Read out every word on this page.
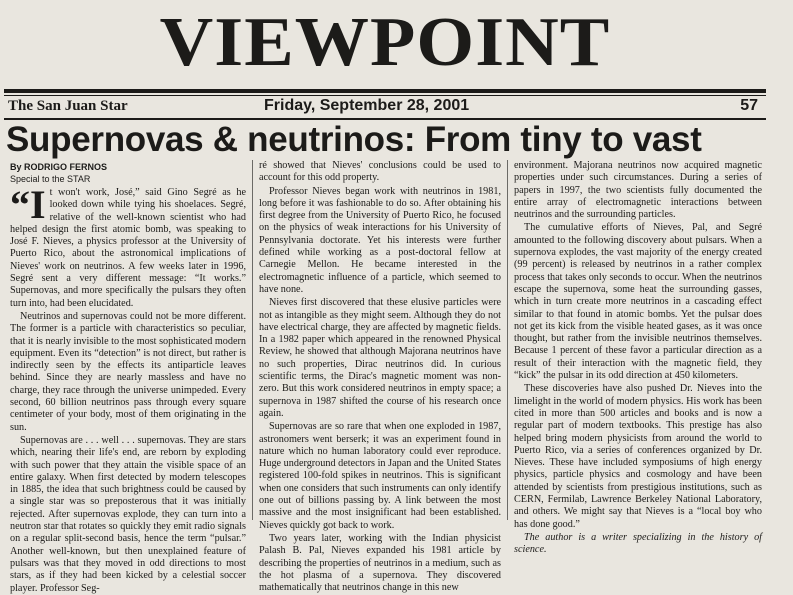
VIEWPOINT
The San Juan Star	Friday, September 28, 2001	57
Supernovas & neutrinos: From tiny to vast
By RODRIGO FERNOS
Special to the STAR

“It won't work, José,” said Gino Segré as he looked down while tying his shoelaces. Segré, relative of the well-known scientist who had helped design the first atomic bomb, was speaking to José F. Nieves, a physics professor at the University of Puerto Rico, about the astronomical implications of Nieves' work on neutrinos. A few weeks later in 1996, Segré sent a very different message: “It works.” Supernovas, and more specifically the pulsars they often turn into, had been elucidated.

Neutrinos and supernovas could not be more different. The former is a particle with characteristics so peculiar, that it is nearly invisible to the most sophisticated modern equipment. Even its “detection” is not direct, but rather is indirectly seen by the effects its antiparticle leaves behind. Since they are nearly massless and have no charge, they race through the universe unimpeded. Every second, 60 billion neutrinos pass through every square centimeter of your body, most of them originating in the sun.

Supernovas are . . . well . . . supernovas. They are stars which, nearing their life's end, are reborn by exploding with such power that they attain the visible space of an entire galaxy. When first detected by modern telescopes in 1885, the idea that such brightness could be caused by a single star was so preposterous that it was initially rejected. After supernovas explode, they can turn into a neutron star that rotates so quickly they emit radio signals on a regular split-second basis, hence the term “pulsar.” Another well-known, but then unexplained feature of pulsars was that they moved in odd directions to most stars, as if they had been kicked by a celestial soccer player. Professor Seg-

ré showed that Nieves' conclusions could be used to account for this odd property.

Professor Nieves began work with neutrinos in 1981, long before it was fashionable to do so. After obtaining his first degree from the University of Puerto Rico, he focused on the physics of weak interactions for his University of Pennsylvania doctorate. Yet his interests were further defined while working as a post-doctoral fellow at Carnegie Mellon. He became interested in the electromagnetic influence of a particle, which seemed to have none.

Nieves first discovered that these elusive particles were not as intangible as they might seem. Although they do not have electrical charge, they are affected by magnetic fields. In a 1982 paper which appeared in the renowned Physical Review, he showed that although Majorana neutrinos have no such properties, Dirac neutrinos did. In curious scientific terms, the Dirac's magnetic moment was non-zero. But this work considered neutrinos in empty space; a supernova in 1987 shifted the course of his research once again.

Supernovas are so rare that when one exploded in 1987, astronomers went berserk; it was an experiment found in nature which no human laboratory could ever reproduce. Huge underground detectors in Japan and the United States registered 100-fold spikes in neutrinos. This is significant when one considers that such instruments can only identify one out of billions passing by. A link between the most massive and the most insignificant had been established. Nieves quickly got back to work.

Two years later, working with the Indian physicist Palash B. Pal, Nieves expanded his 1981 article by describing the properties of neutrinos in a medium, such as the hot plasma of a supernova. They discovered mathematically that neutrinos change in this new

environment. Majorana neutrinos now acquired magnetic properties under such circumstances. During a series of papers in 1997, the two scientists fully documented the entire array of electromagnetic interactions between neutrinos and the surrounding particles.

The cumulative efforts of Nieves, Pal, and Segré amounted to the following discovery about pulsars. When a supernova explodes, the vast majority of the energy created (99 percent) is released by neutrinos in a rather complex process that takes only seconds to occur. When the neutrinos escape the supernova, some heat the surrounding gasses, which in turn create more neutrinos in a cascading effect similar to that found in atomic bombs. Yet the pulsar does not get its kick from the visible heated gases, as it was once thought, but rather from the invisible neutrinos themselves. Because 1 percent of these favor a particular direction as a result of their interaction with the magnetic field, they “kick” the pulsar in its odd direction at 450 kilometers.

These discoveries have also pushed Dr. Nieves into the limelight in the world of modern physics. His work has been cited in more than 500 articles and books and is now a regular part of modern textbooks. This prestige has also helped bring modern physicists from around the world to Puerto Rico, via a series of conferences organized by Dr. Nieves. These have included symposiums of high energy physics, particle physics and cosmology and have been attended by scientists from prestigious institutions, such as CERN, Fermilab, Lawrence Berkeley National Laboratory, and others. We might say that Nieves is a “local boy who has done good.”

The author is a writer specializing in the history of science.
